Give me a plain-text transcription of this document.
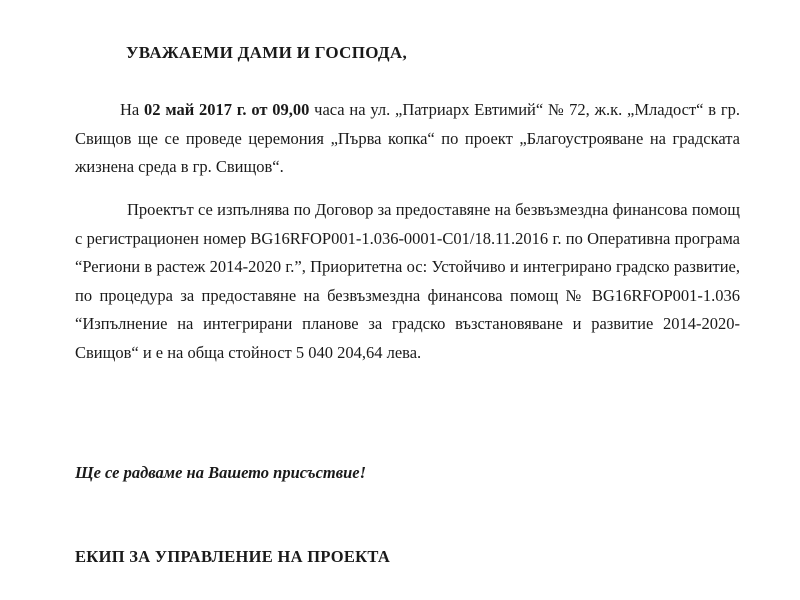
УВАЖАЕМИ ДАМИ И ГОСПОДА,
На 02 май 2017 г. от 09,00 часа на ул. „Патриарх Евтимий“ № 72, ж.к. „Младост“ в гр. Свищов ще се проведе церемония „Първа копка“ по проект „Благоустрояване на градската жизнена среда в гр. Свищов“.
Проектът се изпълнява по Договор за предоставяне на безвъзмездна финансова помощ с регистрационен номер BG16RFOP001-1.036-0001-C01/18.11.2016 г. по Оперативна програма “Региони в растеж 2014-2020 г.”, Приоритетна ос: Устойчиво и интегрирано градско развитие, по процедура за предоставяне на безвъзмездна финансова помощ № BG16RFOP001-1.036 “Изпълнение на интегрирани планове за градско възстановяване и развитие 2014-2020-Свищов“ и е на обща стойност 5 040 204,64 лева.
Ще се радваме на Вашето присъствие!
ЕКИП ЗА УПРАВЛЕНИЕ НА ПРОЕКТА
